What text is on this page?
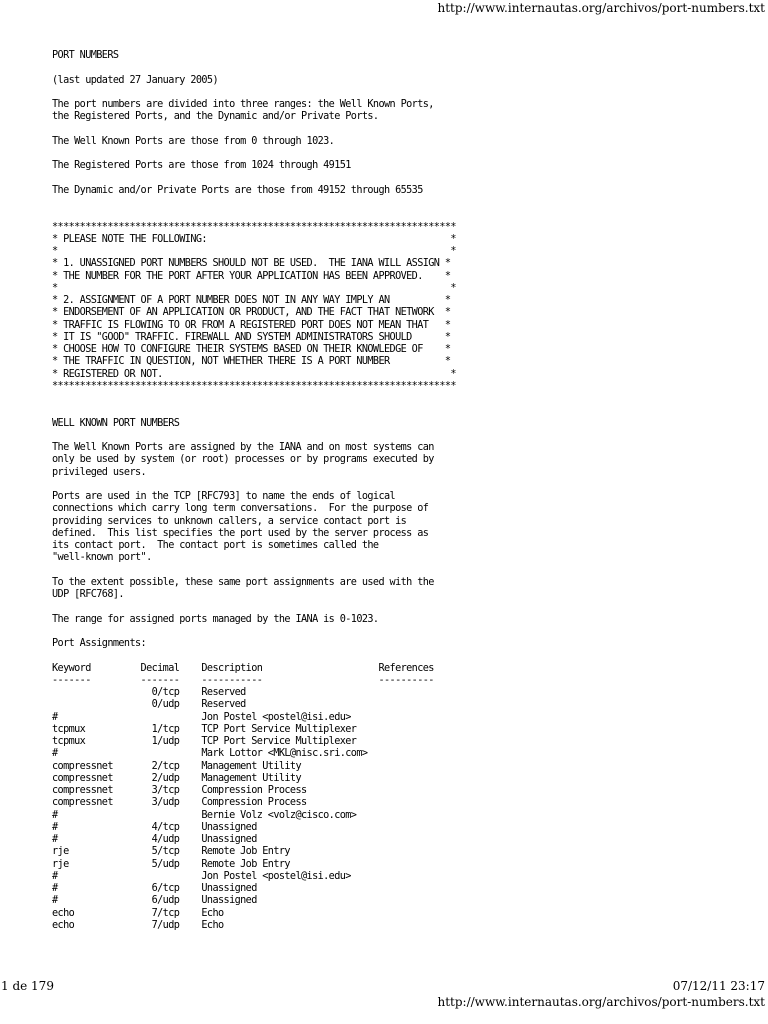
http://www.internautas.org/archivos/port-numbers.txt
PORT NUMBERS

(last updated 27 January 2005)

The port numbers are divided into three ranges: the Well Known Ports,
the Registered Ports, and the Dynamic and/or Private Ports.

The Well Known Ports are those from 0 through 1023.

The Registered Ports are those from 1024 through 49151

The Dynamic and/or Private Ports are those from 49152 through 65535

*************************************************************************
* PLEASE NOTE THE FOLLOWING:                                            *
*                                                                       *
* 1. UNASSIGNED PORT NUMBERS SHOULD NOT BE USED.  THE IANA WILL ASSIGN *
* THE NUMBER FOR THE PORT AFTER YOUR APPLICATION HAS BEEN APPROVED.    *
*                                                                       *
* 2. ASSIGNMENT OF A PORT NUMBER DOES NOT IN ANY WAY IMPLY AN          *
* ENDORSEMENT OF AN APPLICATION OR PRODUCT, AND THE FACT THAT NETWORK  *
* TRAFFIC IS FLOWING TO OR FROM A REGISTERED PORT DOES NOT MEAN THAT   *
* IT IS "GOOD" TRAFFIC. FIREWALL AND SYSTEM ADMINISTRATORS SHOULD      *
* CHOOSE HOW TO CONFIGURE THEIR SYSTEMS BASED ON THEIR KNOWLEDGE OF    *
* THE TRAFFIC IN QUESTION, NOT WHETHER THERE IS A PORT NUMBER          *
* REGISTERED OR NOT.                                                    *
*************************************************************************

WELL KNOWN PORT NUMBERS

The Well Known Ports are assigned by the IANA and on most systems can
only be used by system (or root) processes or by programs executed by
privileged users.

Ports are used in the TCP [RFC793] to name the ends of logical
connections which carry long term conversations.  For the purpose of
providing services to unknown callers, a service contact port is
defined.  This list specifies the port used by the server process as
its contact port.  The contact port is sometimes called the
"well-known port".

To the extent possible, these same port assignments are used with the
UDP [RFC768].

The range for assigned ports managed by the IANA is 0-1023.

Port Assignments:

Keyword         Decimal    Description                     References
-------         -------    -----------                     ----------
0/tcp    Reserved
0/udp    Reserved
#                          Jon Postel <postel@isi.edu>
tcpmux            1/tcp    TCP Port Service Multiplexer
tcpmux            1/udp    TCP Port Service Multiplexer
#                          Mark Lottor <MKL@nisc.sri.com>
compressnet       2/tcp    Management Utility
compressnet       2/udp    Management Utility
compressnet       3/tcp    Compression Process
compressnet       3/udp    Compression Process
#                          Bernie Volz <volz@cisco.com>
#                 4/tcp    Unassigned
#                 4/udp    Unassigned
rje               5/tcp    Remote Job Entry
rje               5/udp    Remote Job Entry
#                          Jon Postel <postel@isi.edu>
#                 6/tcp    Unassigned
#                 6/udp    Unassigned
echo              7/tcp    Echo
echo              7/udp    Echo
1 de 179	07/12/11 23:17
http://www.internautas.org/archivos/port-numbers.txt
